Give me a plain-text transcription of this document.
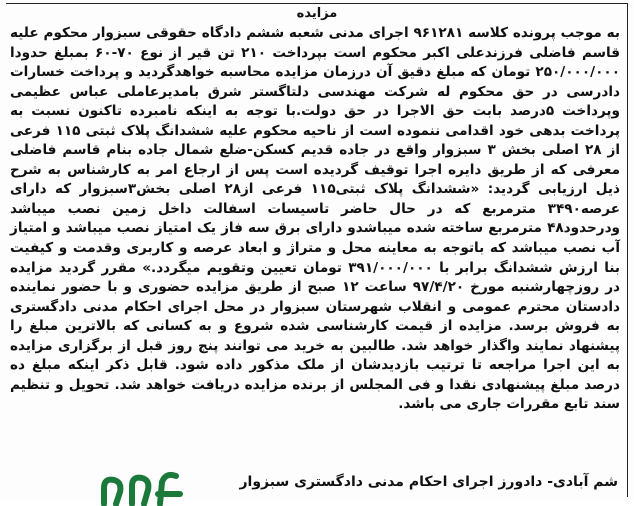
مزایده
به موجب پرونده کلاسه ۹۶۱۲۸۱ اجرای مدنی شعبه ششم دادگاه حقوقی سبزوار محکوم علیه قاسم فاضلی فرزندعلی اکبر محکوم است بپرداخت ۲۱۰ تن قیر از نوع ۷۰-۶۰ بمبلغ حدودا ۲۵۰/۰۰۰/۰۰۰ تومان که مبلغ دقیق آن درزمان مزایده محاسبه خواهدگردید و پرداخت خسارات دادرسی در حق محکوم له شرکت مهندسی دلتاگستر شرق بامدیرعاملی عباس عظیمی وپرداخت ۵درصد بابت حق الاجرا در حق دولت.با توجه به اینکه نامبرده تاکنون نسبت به پرداخت بدهی خود اقدامی ننموده است از ناحیه محکوم علیه ششدانگ پلاک ثبتی ۱۱۵ فرعی از ۲۸ اصلی بخش ۳ سبزوار واقع در جاده قدیم کسکن-ضلع شمال جاده بنام قاسم فاضلی معرفی که از طریق دایره اجرا توقیف گردیده است پس از ارجاع امر به کارشناس به شرح ذیل ارزیابی گردید: «ششدانگ پلاک ثبتی۱۱۵ فرعی از۲۸ اصلی بخش۳سبزوار که دارای عرصه۳۴۹۰ مترمربع که در حال حاضر تاسیسات اسفالت داخل زمین نصب میباشد ودرحدود۴۸ مترمربع ساخته شده میباشدو دارای برق سه فاز یک امتیاز نصب میباشد و امتیاز آب نصب میباشد که باتوجه به معاینه محل و متراژ و ابعاد عرصه و کاربری وقدمت و کیفیت بنا ارزش ششدانگ برابر با ۳۹۱/۰۰۰/۰۰۰ تومان تعیین وتقویم میگردد.» مقرر گردید مزایده در روزچهارشنبه مورخ ۹۷/۴/۲۰ ساعت ۱۲ صبح از طریق مزایده حضوری و با حضور نماینده دادستان محترم عمومی و انقلاب شهرستان سبزوار در محل اجرای احکام مدنی دادگستری به فروش برسد. مزایده از قیمت کارشناسی شده شروع و به کسانی که بالاترین مبلغ را پیشنهاد نمایند واگذار خواهد شد. طالبین به خرید می توانند پنج روز قبل از برگزاری مزایده به این اجرا مراجعه تا ترتیب بازدیدشان از ملک مذکور داده شود. قابل ذکر اینکه مبلغ ده درصد مبلغ پیشنهادی نقدا و فی المجلس از برنده مزایده دریافت خواهد شد. تحویل و تنظیم سند تابع مقررات جاری می باشد.
شم آبادی- دادورز اجرای احکام مدنی دادگستری سبزوار
